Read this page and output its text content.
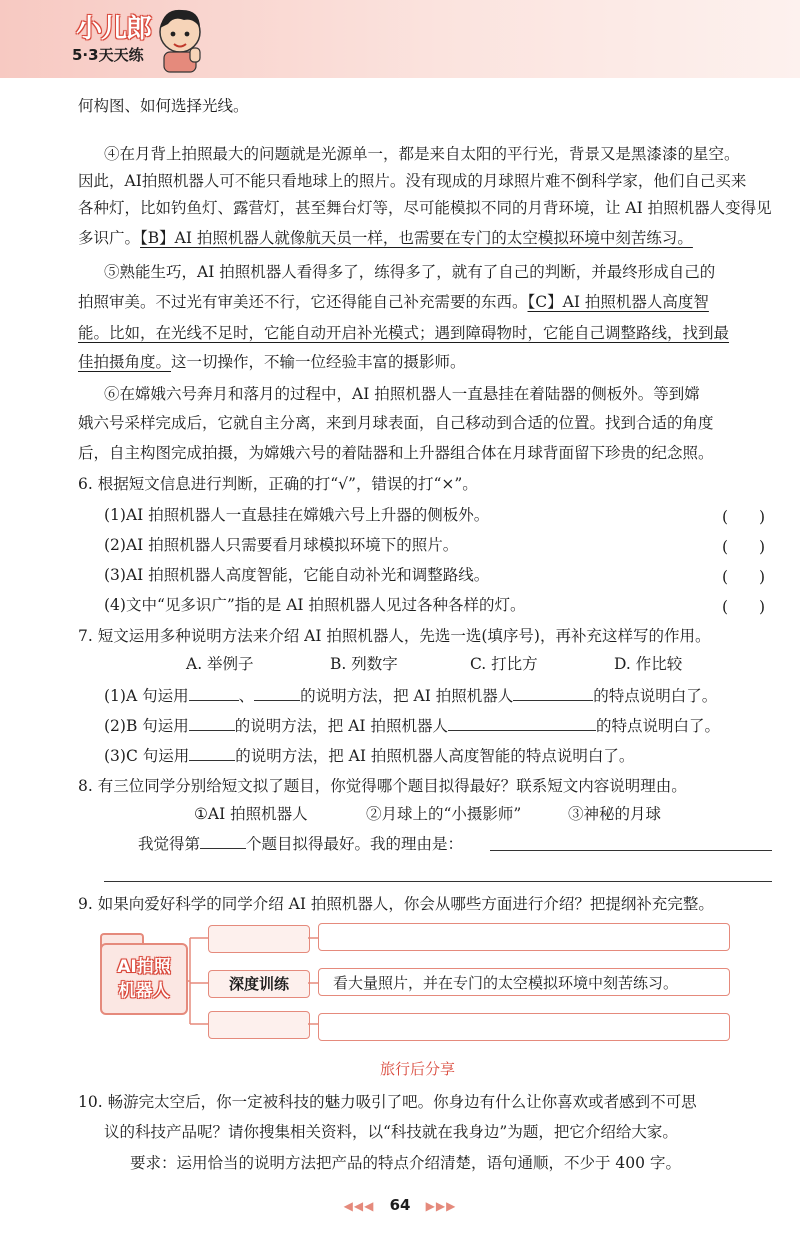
小儿郎
5·3天天练
何构图、如何选择光线。
④在月背上拍照最大的问题就是光源单一，都是来自太阳的平行光，背景又是黑漆漆的星空。
因此，AI拍照机器人可不能只看地球上的照片。没有现成的月球照片难不倒科学家，他们自己买来
各种灯，比如钓鱼灯、露营灯，甚至舞台灯等，尽可能模拟不同的月背环境，让 AI 拍照机器人变得见
多识广。【B】AI 拍照机器人就像航天员一样，也需要在专门的太空模拟环境中刻苦练习。
⑤熟能生巧，AI 拍照机器人看得多了，练得多了，就有了自己的判断，并最终形成自己的
拍照审美。不过光有审美还不行，它还得能自己补充需要的东西。【C】AI 拍照机器人高度智
能。比如，在光线不足时，它能自动开启补光模式；遇到障碍物时，它能自己调整路线，找到最
佳拍摄角度。这一切操作，不输一位经验丰富的摄影师。
⑥在嫦娥六号奔月和落月的过程中，AI 拍照机器人一直悬挂在着陆器的侧板外。等到嫦
娥六号采样完成后，它就自主分离，来到月球表面，自己移动到合适的位置。找到合适的角度
后，自主构图完成拍摄，为嫦娥六号的着陆器和上升器组合体在月球背面留下珍贵的纪念照。
6. 根据短文信息进行判断，正确的打“√”，错误的打“×”。
(1)AI 拍照机器人一直悬挂在嫦娥六号上升器的侧板外。	(　　)
(2)AI 拍照机器人只需要看月球模拟环境下的照片。	(　　)
(3)AI 拍照机器人高度智能，它能自动补光和调整路线。	(　　)
(4)文中“见多识广”指的是 AI 拍照机器人见过各种各样的灯。	(　　)
7. 短文运用多种说明方法来介绍 AI 拍照机器人，先选一选(填序号)，再补充这样写的作用。
A. 举例子	B. 列数字	C. 打比方	D. 作比较
(1)A 句运用	、	的说明方法，把 AI 拍照机器人	的特点说明白了。
(2)B 句运用	的说明方法，把 AI 拍照机器人	的特点说明白了。
(3)C 句运用	的说明方法，把 AI 拍照机器人高度智能的特点说明白了。
8. 有三位同学分别给短文拟了题目，你觉得哪个题目拟得最好？联系短文内容说明理由。
①AI 拍照机器人	②月球上的“小摄影师”	③神秘的月球
我觉得第	个题目拟得最好。我的理由是：
9. 如果向爱好科学的同学介绍 AI 拍照机器人，你会从哪些方面进行介绍？把提纲补充完整。
AI拍照
机器人	深度训练	看大量照片，并在专门的太空模拟环境中刻苦练习。
旅行后分享
10. 畅游完太空后，你一定被科技的魅力吸引了吧。你身边有什么让你喜欢或者感到不可思
议的科技产品呢？请你搜集相关资料，以“科技就在我身边”为题，把它介绍给大家。
要求：运用恰当的说明方法把产品的特点介绍清楚，语句通顺，不少于 400 字。
◀◀◀ 64 ▶▶▶
